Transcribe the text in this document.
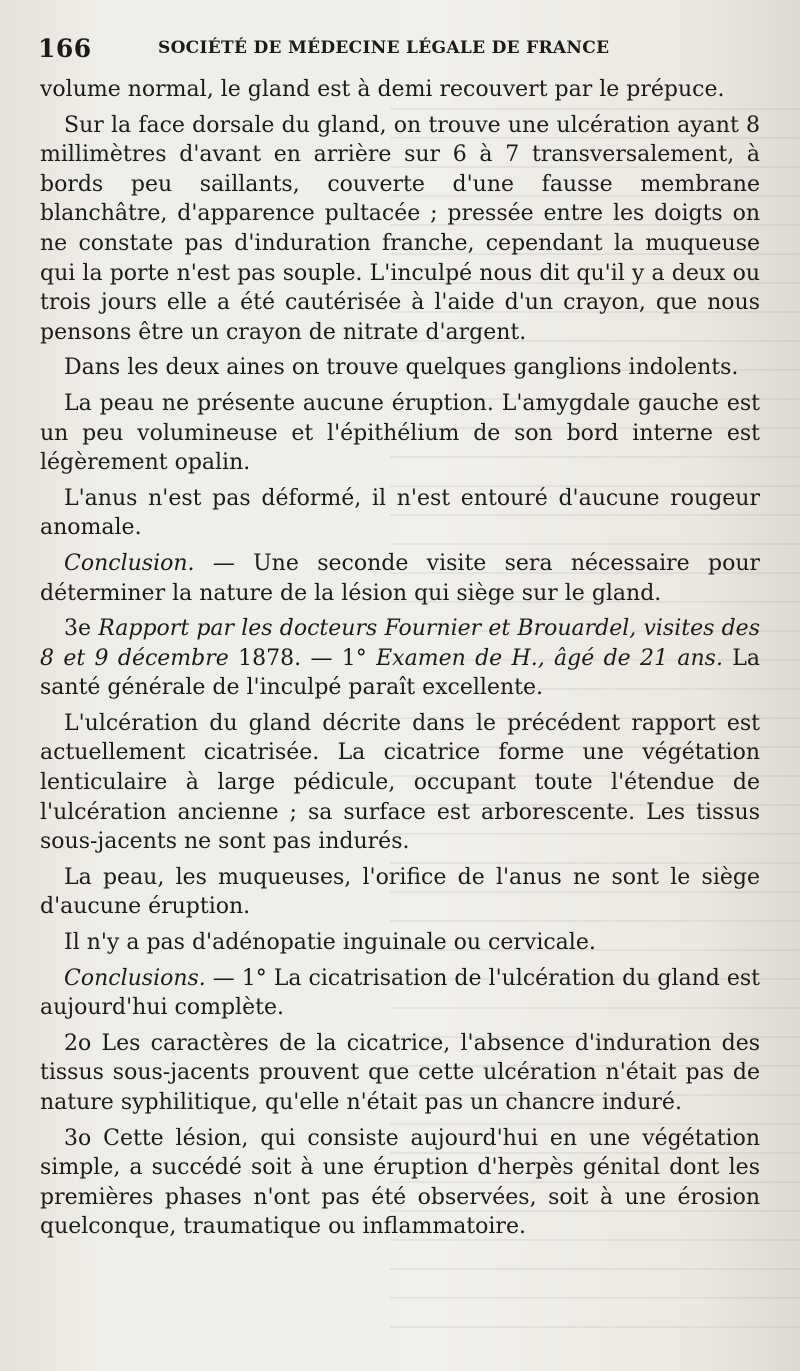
166	SOCIÉTÉ DE MÉDECINE LÉGALE DE FRANCE

volume normal, le gland est à demi recouvert par le prépuce.

Sur la face dorsale du gland, on trouve une ulcération ayant 8 millimètres d'avant en arrière sur 6 à 7 transversalement, à bords peu saillants, couverte d'une fausse membrane blanchâtre, d'apparence pultacée ; pressée entre les doigts on ne constate pas d'induration franche, cependant la muqueuse qui la porte n'est pas souple. L'inculpé nous dit qu'il y a deux ou trois jours elle a été cautérisée à l'aide d'un crayon, que nous pensons être un crayon de nitrate d'argent.

Dans les deux aines on trouve quelques ganglions indolents.

La peau ne présente aucune éruption. L'amygdale gauche est un peu volumineuse et l'épithélium de son bord interne est légèrement opalin.

L'anus n'est pas déformé, il n'est entouré d'aucune rougeur anomale.

Conclusion. — Une seconde visite sera nécessaire pour déterminer la nature de la lésion qui siège sur le gland.

3e Rapport par les docteurs Fournier et Brouardel, visites des 8 et 9 décembre 1878. — 1° Examen de H., âgé de 21 ans. La santé générale de l'inculpé paraît excellente.

L'ulcération du gland décrite dans le précédent rapport est actuellement cicatrisée. La cicatrice forme une végétation lenticulaire à large pédicule, occupant toute l'étendue de l'ulcération ancienne ; sa surface est arborescente. Les tissus sous-jacents ne sont pas indurés.

La peau, les muqueuses, l'orifice de l'anus ne sont le siège d'aucune éruption.

Il n'y a pas d'adénopatie inguinale ou cervicale.

Conclusions. — 1° La cicatrisation de l'ulcération du gland est aujourd'hui complète.

2o Les caractères de la cicatrice, l'absence d'induration des tissus sous-jacents prouvent que cette ulcération n'était pas de nature syphilitique, qu'elle n'était pas un chancre induré.

3o Cette lésion, qui consiste aujourd'hui en une végétation simple, a succédé soit à une éruption d'herpès génital dont les premières phases n'ont pas été observées, soit à une érosion quelconque, traumatique ou inflammatoire.
